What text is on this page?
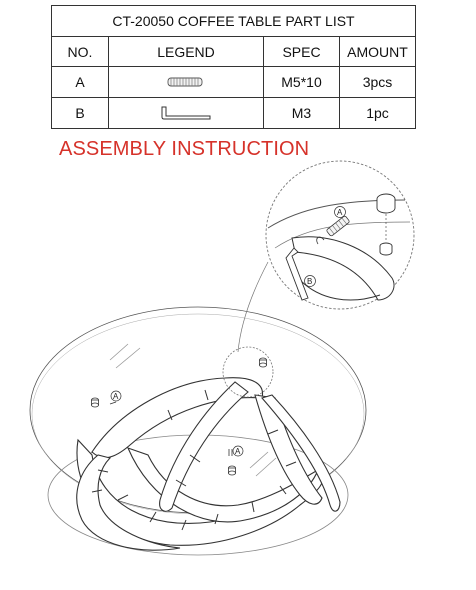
CT-20050 COFFEE TABLE PART LIST			
NO.	LEGEND	SPEC	AMOUNT
A		M5*10	3pcs
B		M3	1pc
ASSEMBLY INSTRUCTION
A
A
A
B
